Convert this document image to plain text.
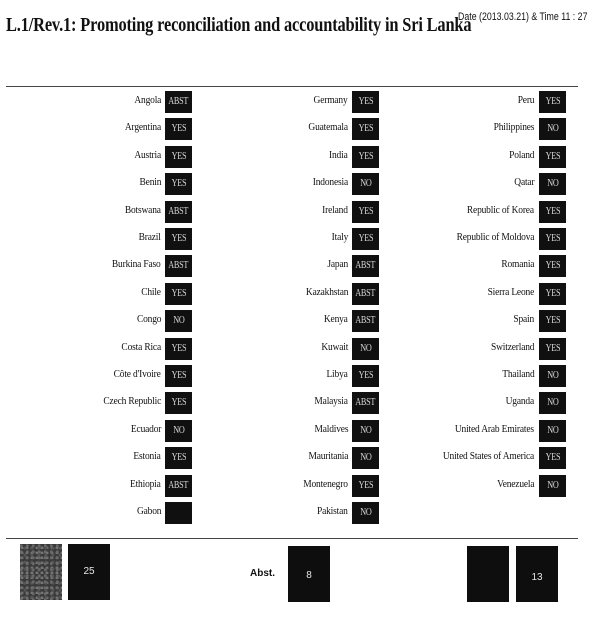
L.1/Rev.1: Promoting reconciliation and accountability in Sri Lanka
Date (2013.03.21) & Time 11 : 27
Angola ABST
Argentina	YES
Austria	YES
Benin	YES
Botswana ABST
Brazil	YES
Burkina Faso ABST
Chile	YES
Congo	NO
Costa Rica	YES
Côte d'Ivoire	YES
Czech Republic	YES
Ecuador	NO
Estonia	YES
Ethiopia ABST
Gabon
Germany	YES
Guatemala	YES
India	YES
Indonesia	NO
Ireland	YES
Italy	YES
Japan ABST
Kazakhstan ABST
Kenya ABST
Kuwait	NO
Libya	YES
Malaysia ABST
Maldives	NO
Mauritania	NO
Montenegro	YES
Pakistan	NO
Peru	YES
Philippines	NO
Poland	YES
Qatar	NO
Republic of Korea	YES
Republic of Moldova	YES
Romania	YES
Sierra Leone	YES
Spain	YES
Switzerland	YES
Thailand	NO
Uganda	NO
United Arab Emirates	NO
United States of America	YES
Venezuela	NO
25	Abst.	8	13
